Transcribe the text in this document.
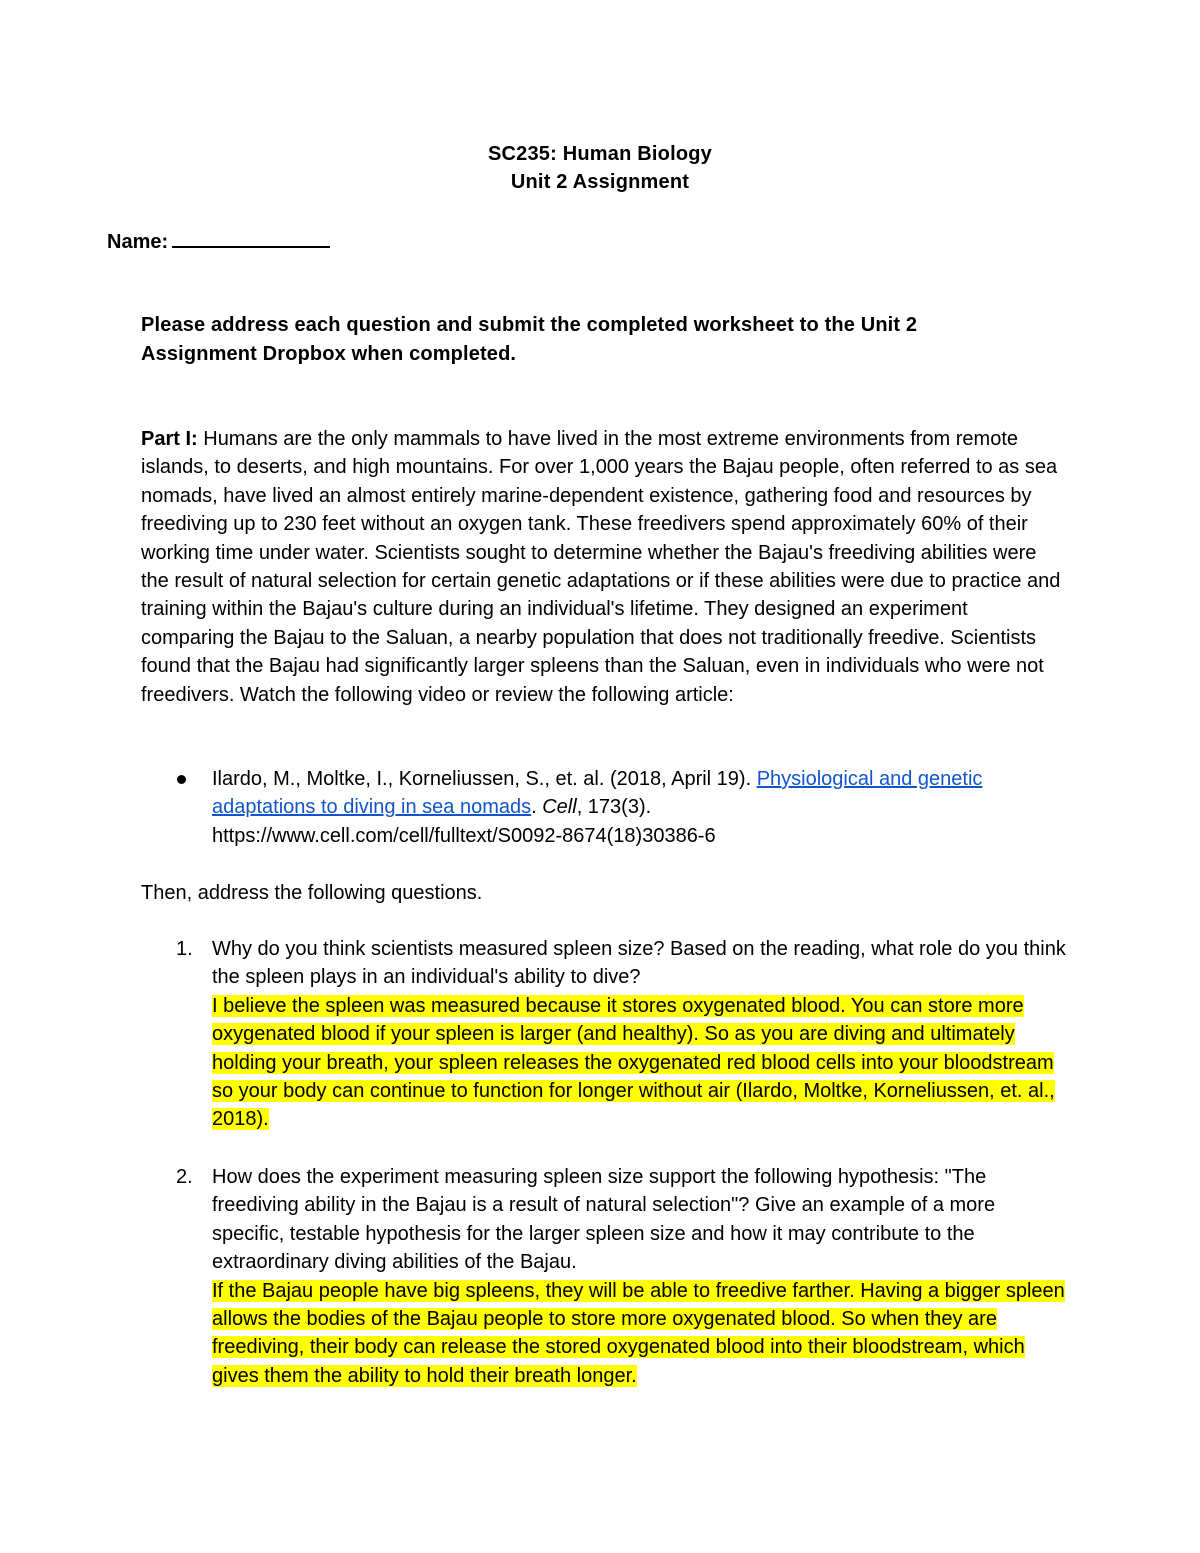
SC235: Human Biology
Unit 2 Assignment
Name:
Please address each question and submit the completed worksheet to the Unit 2 Assignment Dropbox when completed.
Part I: Humans are the only mammals to have lived in the most extreme environments from remote islands, to deserts, and high mountains. For over 1,000 years the Bajau people, often referred to as sea nomads, have lived an almost entirely marine-dependent existence, gathering food and resources by freediving up to 230 feet without an oxygen tank. These freedivers spend approximately 60% of their working time under water. Scientists sought to determine whether the Bajau's freediving abilities were the result of natural selection for certain genetic adaptations or if these abilities were due to practice and training within the Bajau's culture during an individual's lifetime. They designed an experiment comparing the Bajau to the Saluan, a nearby population that does not traditionally freedive. Scientists found that the Bajau had significantly larger spleens than the Saluan, even in individuals who were not freedivers. Watch the following video or review the following article:
Ilardo, M., Moltke, I., Korneliussen, S., et. al. (2018, April 19). Physiological and genetic adaptations to diving in sea nomads. Cell, 173(3).
https://www.cell.com/cell/fulltext/S0092-8674(18)30386-6
Then, address the following questions.
1. Why do you think scientists measured spleen size? Based on the reading, what role do you think the spleen plays in an individual's ability to dive?
I believe the spleen was measured because it stores oxygenated blood. You can store more oxygenated blood if your spleen is larger (and healthy). So as you are diving and ultimately holding your breath, your spleen releases the oxygenated red blood cells into your bloodstream so your body can continue to function for longer without air (Ilardo, Moltke, Korneliussen, et. al., 2018).
2. How does the experiment measuring spleen size support the following hypothesis: "The freediving ability in the Bajau is a result of natural selection"? Give an example of a more specific, testable hypothesis for the larger spleen size and how it may contribute to the extraordinary diving abilities of the Bajau.
If the Bajau people have big spleens, they will be able to freedive farther. Having a bigger spleen allows the bodies of the Bajau people to store more oxygenated blood. So when they are freediving, their body can release the stored oxygenated blood into their bloodstream, which gives them the ability to hold their breath longer.
